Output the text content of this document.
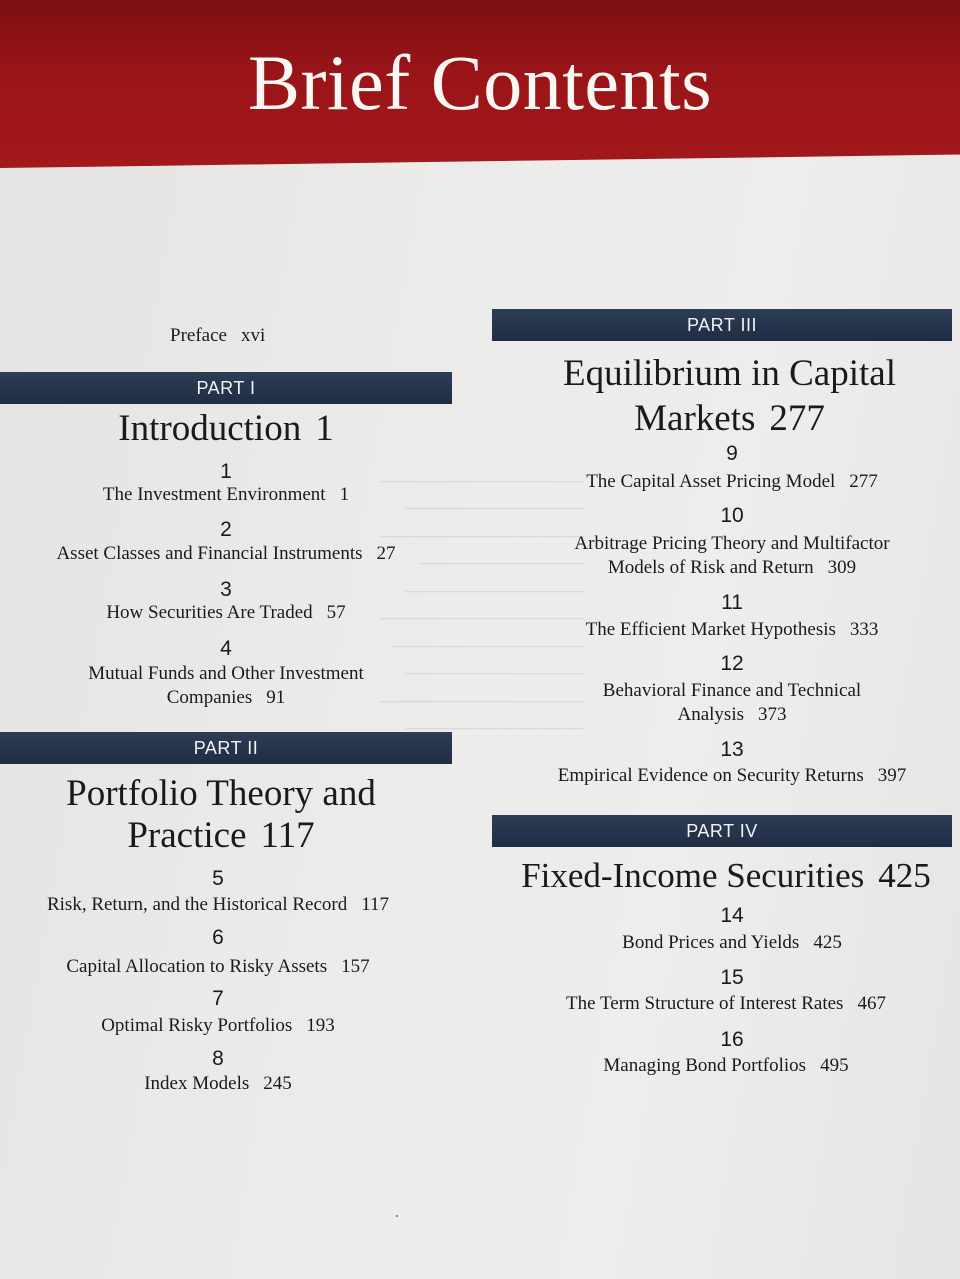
────────────────
──────────────
────────────────
─────────────
──────────────
────────────────
───────────────
──────────────
────────────────
──────────────
Brief Contents
Preface xvi
PART I
Introduction 1
1
The Investment Environment 1
2
Asset Classes and Financial Instruments 27
3
How Securities Are Traded 57
4
Mutual Funds and Other Investment
Companies 91
PART II
Portfolio Theory and
Practice 117
5
Risk, Return, and the Historical Record 117
6
Capital Allocation to Risky Assets 157
7
Optimal Risky Portfolios 193
8
Index Models 245
PART III
Equilibrium in Capital
Markets 277
9
The Capital Asset Pricing Model 277
10
Arbitrage Pricing Theory and Multifactor
Models of Risk and Return 309
11
The Efficient Market Hypothesis 333
12
Behavioral Finance and Technical
Analysis 373
13
Empirical Evidence on Security Returns 397
PART IV
Fixed-Income Securities 425
14
Bond Prices and Yields 425
15
The Term Structure of Interest Rates 467
16
Managing Bond Portfolios 495
